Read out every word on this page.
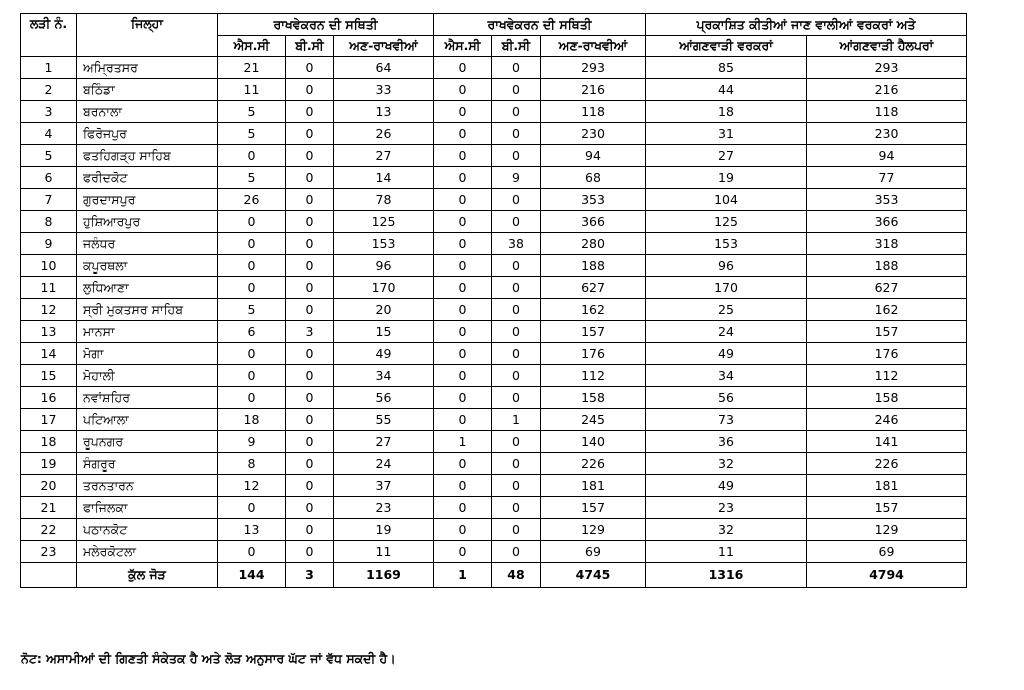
ਲੜੀ ਨੰ.	ਜਿਲ੍ਹਾ	ਰਾਖਵੇਕਰਨ ਦੀ ਸਥਿਤੀ			ਰਾਖਵੇਕਰਨ ਦੀ ਸਥਿਤੀ			ਪ੍ਰਕਾਸ਼ਿਤ ਕੀਤੀਆਂ ਜਾਣ ਵਾਲੀਆਂ ਵਰਕਰਾਂ ਅਤੇ	
		ਐਸ.ਸੀ	ਬੀ.ਸੀ	ਅਣ-ਰਾਖਵੀਆਂ	ਐਸ.ਸੀ	ਬੀ.ਸੀ	ਅਣ-ਰਾਖਵੀਆਂ	ਆਂਗਣਵਾੜੀ ਵਰਕਰਾਂ	ਆਂਗਣਵਾੜੀ ਹੈਲਪਰਾਂ
1	ਅਮ੍ਰਿਤਸਰ	21	0	64	0	0	293	85	293
2	ਬਠਿੰਡਾ	11	0	33	0	0	216	44	216
3	ਬਰਨਾਲਾ	5	0	13	0	0	118	18	118
4	ਫਿਰੋਜਪੁਰ	5	0	26	0	0	230	31	230
5	ਫਤਹਿਗੜ੍ਹ ਸਾਹਿਬ	0	0	27	0	0	94	27	94
6	ਫਰੀਦਕੋਟ	5	0	14	0	9	68	19	77
7	ਗੁਰਦਾਸਪੁਰ	26	0	78	0	0	353	104	353
8	ਹੁਸ਼ਿਆਰਪੁਰ	0	0	125	0	0	366	125	366
9	ਜਲੰਧਰ	0	0	153	0	38	280	153	318
10	ਕਪੂਰਥਲਾ	0	0	96	0	0	188	96	188
11	ਲੁਧਿਆਣਾ	0	0	170	0	0	627	170	627
12	ਸ੍ਰੀ ਮੁਕਤਸਰ ਸਾਹਿਬ	5	0	20	0	0	162	25	162
13	ਮਾਨਸਾ	6	3	15	0	0	157	24	157
14	ਮੋਗਾ	0	0	49	0	0	176	49	176
15	ਮੋਹਾਲੀ	0	0	34	0	0	112	34	112
16	ਨਵਾਂਸ਼ਹਿਰ	0	0	56	0	0	158	56	158
17	ਪਟਿਆਲਾ	18	0	55	0	1	245	73	246
18	ਰੂਪਨਗਰ	9	0	27	1	0	140	36	141
19	ਸੰਗਰੂਰ	8	0	24	0	0	226	32	226
20	ਤਰਨਤਾਰਨ	12	0	37	0	0	181	49	181
21	ਫਾਜਿਲਕਾ	0	0	23	0	0	157	23	157
22	ਪਠਾਨਕੋਟ	13	0	19	0	0	129	32	129
23	ਮਲੇਰਕੋਟਲਾ	0	0	11	0	0	69	11	69
	ਕੁੱਲ ਜੋੜ	144	3	1169	1	48	4745	1316	4794
ਨੋਟ: ਅਸਾਮੀਆਂ ਦੀ ਗਿਣਤੀ ਸੰਕੇਤਕ ਹੈ ਅਤੇ ਲੋੜ ਅਨੁਸਾਰ ਘੱਟ ਜਾਂ ਵੱਧ ਸਕਦੀ ਹੈ।
